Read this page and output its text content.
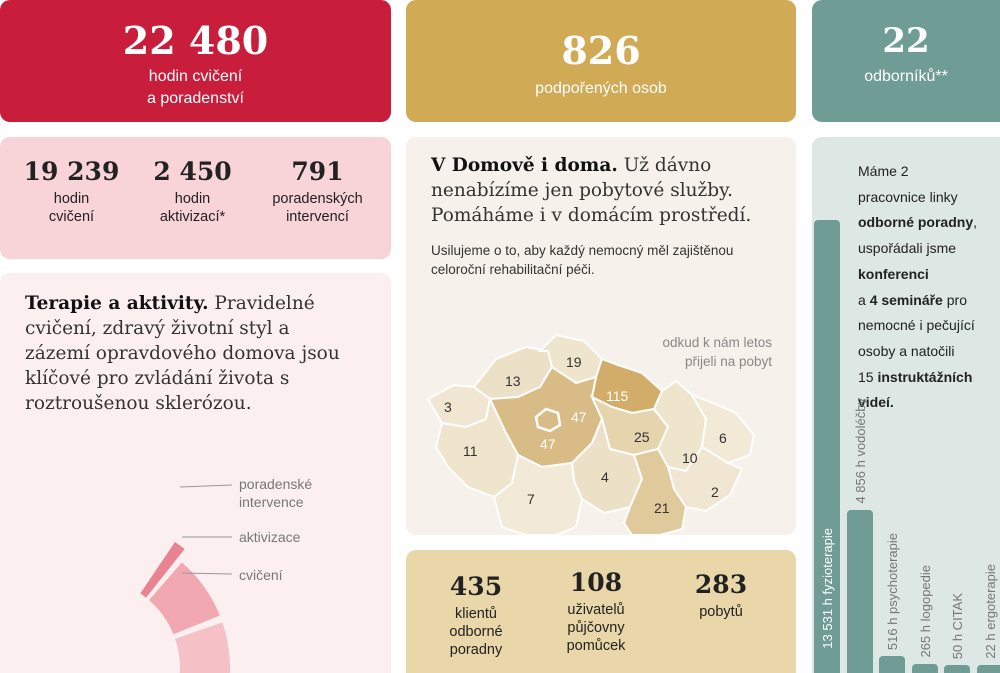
22 480
hodin cvičení
a poradenství
826
podpořených osob
22
odborníků**
19 239
hodin
cvičení
2 450
hodin
aktivizací*
791
poradenských
intervencí
Terapie a aktivity. Pravidelné cvičení, zdravý životní styl a zázemí opravdového domova jsou klíčové pro zvládání života s roztroušenou sklerózou.
poradenské
intervence
aktivizace
cvičení
V Domově i doma. Už dávno nenabízíme jen pobytové služby. Pomáháme i v domácím prostředí.
Usilujeme o to, aby každý nemocný měl zajištěnou celoroční rehabilitační péči.
odkud k nám letos
přijeli na pobyt
19
13
3
115
47
47	25
11
6
10
4
7	2
21
435
klientů
odborné
poradny
108
uživatelů
půjčovny
pomůcek
283
pobytů
Máme 2
pracovnice linky
odborné poradny,
uspořádali jsme
konferenci
a 4 semináře pro
nemocné i pečující
osoby a natočili
15 instruktážních
videí.
13 531 h fyzioterapie
4 856 h vodoléčby
516 h psychoterapie 265 h logopedie 50 h CITAK 22 h ergoterapie
